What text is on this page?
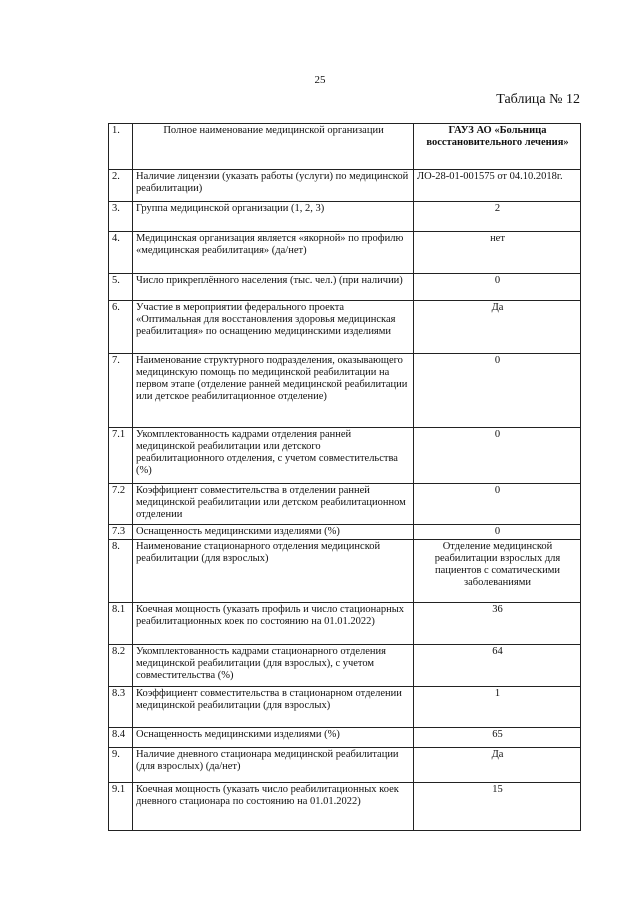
25
Таблица № 12
1.	Полное наименование медицинской организации	ГАУЗ АО «Больница восстановительного лечения»
2.	Наличие лицензии (указать работы (услуги) по медицинской реабилитации)	ЛО-28-01-001575 от 04.10.2018г.
3.	Группа медицинской организации (1, 2, 3)	2
4.	Медицинская организация является «якорной» по профилю «медицинская реабилитация» (да/нет)	нет
5.	Число прикреплённого населения (тыс. чел.) (при наличии)	0
6.	Участие в мероприятии федерального проекта «Оптимальная для восстановления здоровья медицинская реабилитация» по оснащению медицинскими изделиями	Да
7.	Наименование структурного подразделения, оказывающего медицинскую помощь по медицинской реабилитации на первом этапе (отделение ранней медицинской реабилитации или детское реабилитационное отделение)	0
7.1	Укомплектованность кадрами отделения ранней медицинской реабилитации или детского реабилитационного отделения, с учетом совместительства (%)	0
7.2	Коэффициент совместительства в отделении ранней медицинской реабилитации или детском реабилитационном отделении	0
7.3	Оснащенность медицинскими изделиями (%)	0
8.	Наименование стационарного отделения медицинской реабилитации (для взрослых)	Отделение медицинской реабилитации взрослых для пациентов с соматическими заболеваниями
8.1	Коечная мощность (указать профиль и число стационарных реабилитационных коек по состоянию на 01.01.2022)	36
8.2	Укомплектованность кадрами стационарного отделения медицинской реабилитации (для взрослых), с учетом совместительства (%)	64
8.3	Коэффициент совместительства в стационарном отделении медицинской реабилитации (для взрослых)	1
8.4	Оснащенность медицинскими изделиями (%)	65
9.	Наличие дневного стационара медицинской реабилитации (для взрослых) (да/нет)	Да
9.1	Коечная мощность (указать число реабилитационных коек дневного стационара по состоянию на 01.01.2022)	15
